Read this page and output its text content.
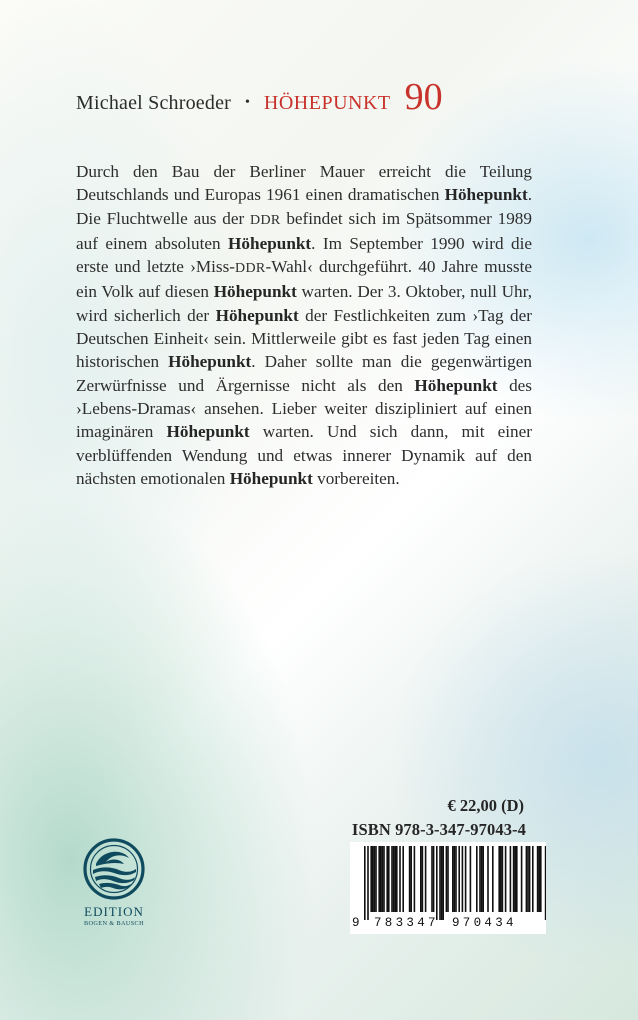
Michael Schroeder • HÖHEPUNKT 90

Durch den Bau der Berliner Mauer erreicht die Teilung Deutschlands und Europas 1961 einen dramatischen Höhepunkt. Die Fluchtwelle aus der DDR befindet sich im Spätsommer 1989 auf einem absoluten Höhepunkt. Im September 1990 wird die erste und letzte ›Miss-DDR-Wahl‹ durchgeführt. 40 Jahre musste ein Volk auf diesen Höhepunkt warten. Der 3. Oktober, null Uhr, wird sicherlich der Höhepunkt der Festlichkeiten zum ›Tag der Deutschen Einheit‹ sein. Mittlerweile gibt es fast jeden Tag einen historischen Höhepunkt. Daher sollte man die gegenwärtigen Zerwürfnisse und Ärgernisse nicht als den Höhepunkt des ›Lebens-Dramas‹ ansehen. Lieber weiter diszipliniert auf einen imaginären Höhepunkt warten. Und sich dann, mit einer verblüffenden Wendung und etwas innerer Dynamik auf den nächsten emotionalen Höhepunkt vorbereiten.

€ 22,00 (D)
ISBN 978-3-347-97043-4
9 783347 970434
EDITION
BOGEN & BAUSCH
